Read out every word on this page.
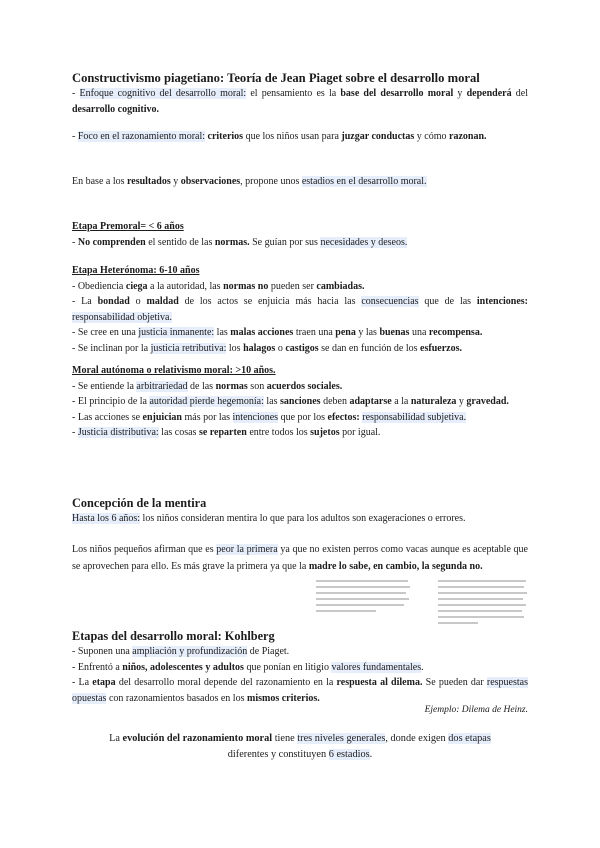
Constructivismo piagetiano: Teoría de Jean Piaget sobre el desarrollo moral
- Enfoque cognitivo del desarrollo moral: el pensamiento es la base del desarrollo moral y dependerá del desarrollo cognitivo.
- Foco en el razonamiento moral: criterios que los niños usan para juzgar conductas y cómo razonan.
En base a los resultados y observaciones, propone unos estadios en el desarrollo moral.
Etapa Premoral= < 6 años
- No comprenden el sentido de las normas. Se guían por sus necesidades y deseos.
Etapa Heterónoma: 6-10 años
- Obediencia ciega a la autoridad, las normas no pueden ser cambiadas.
- La bondad o maldad de los actos se enjuicia más hacia las consecuencias que de las intenciones: responsabilidad objetiva.
- Se cree en una justicia inmanente: las malas acciones traen una pena y las buenas una recompensa.
- Se inclinan por la justicia retributiva: los halagos o castigos se dan en función de los esfuerzos.
Moral autónoma o relativismo moral: >10 años.
- Se entiende la arbitrariedad de las normas son acuerdos sociales.
- El principio de la autoridad pierde hegemonía: las sanciones deben adaptarse a la naturaleza y gravedad.
- Las acciones se enjuician más por las intenciones que por los efectos: responsabilidad subjetiva.
- Justicia distributiva: las cosas se reparten entre todos los sujetos por igual.
Concepción de la mentira
Hasta los 6 años: los niños consideran mentira lo que para los adultos son exageraciones o errores.
Los niños pequeños afirman que es peor la primera ya que no existen perros como vacas aunque es aceptable que se aprovechen para ello. Es más grave la primera ya que la madre lo sabe, en cambio, la segunda no.
Etapas del desarrollo moral: Kohlberg
- Suponen una ampliación y profundización de Piaget.
- Enfrentó a niños, adolescentes y adultos que ponían en litigio valores fundamentales.
- La etapa del desarrollo moral depende del razonamiento en la respuesta al dilema. Se pueden dar respuestas opuestas con razonamientos basados en los mismos criterios.
Ejemplo: Dilema de Heinz.
La evolución del razonamiento moral tiene tres niveles generales, donde exigen dos etapas
diferentes y constituyen 6 estadios.
